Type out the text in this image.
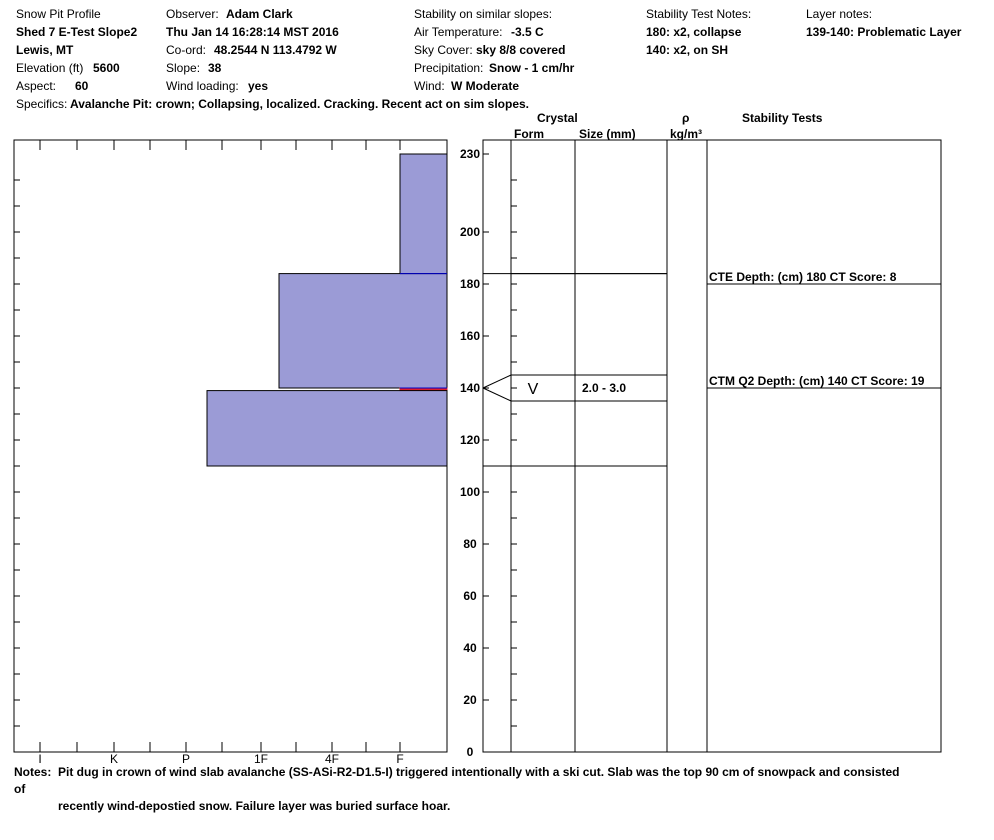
Snow Pit Profile
Shed 7 E-Test Slope2
Lewis, MT
Elevation (ft) 5600
Aspect: 60
Observer: Adam Clark
Thu Jan 14 16:28:14 MST 2016
Co-ord: 48.2544 N 113.4792 W
Slope: 38
Wind loading: yes
Stability on similar slopes:
Air Temperature: -3.5 C
Sky Cover: sky 8/8 covered
Precipitation: Snow - 1 cm/hr
Wind: W Moderate
Stability Test Notes:
180: x2, collapse
140: x2, on SH
Layer notes:
139-140: Problematic Layer
Specifics: Avalanche Pit: crown; Collapsing, localized. Cracking. Recent act on sim slopes.
Crystal
Form	Size (mm)
ρ
kg/m³
Stability Tests
I	K	P	1F	4F	F	0
20
40
60
80
100
120
140
160
180
200
230
V	2.0 - 3.0
CTE Depth: (cm) 180 CT Score: 8
CTM Q2 Depth: (cm) 140 CT Score: 19
Notes: Pit dug in crown of wind slab avalanche (SS-ASi-R2-D1.5-I) triggered intentionally with a ski cut. Slab was the top 90 cm of snowpack and consisted of
recently wind-depostied snow. Failure layer was buried surface hoar.
